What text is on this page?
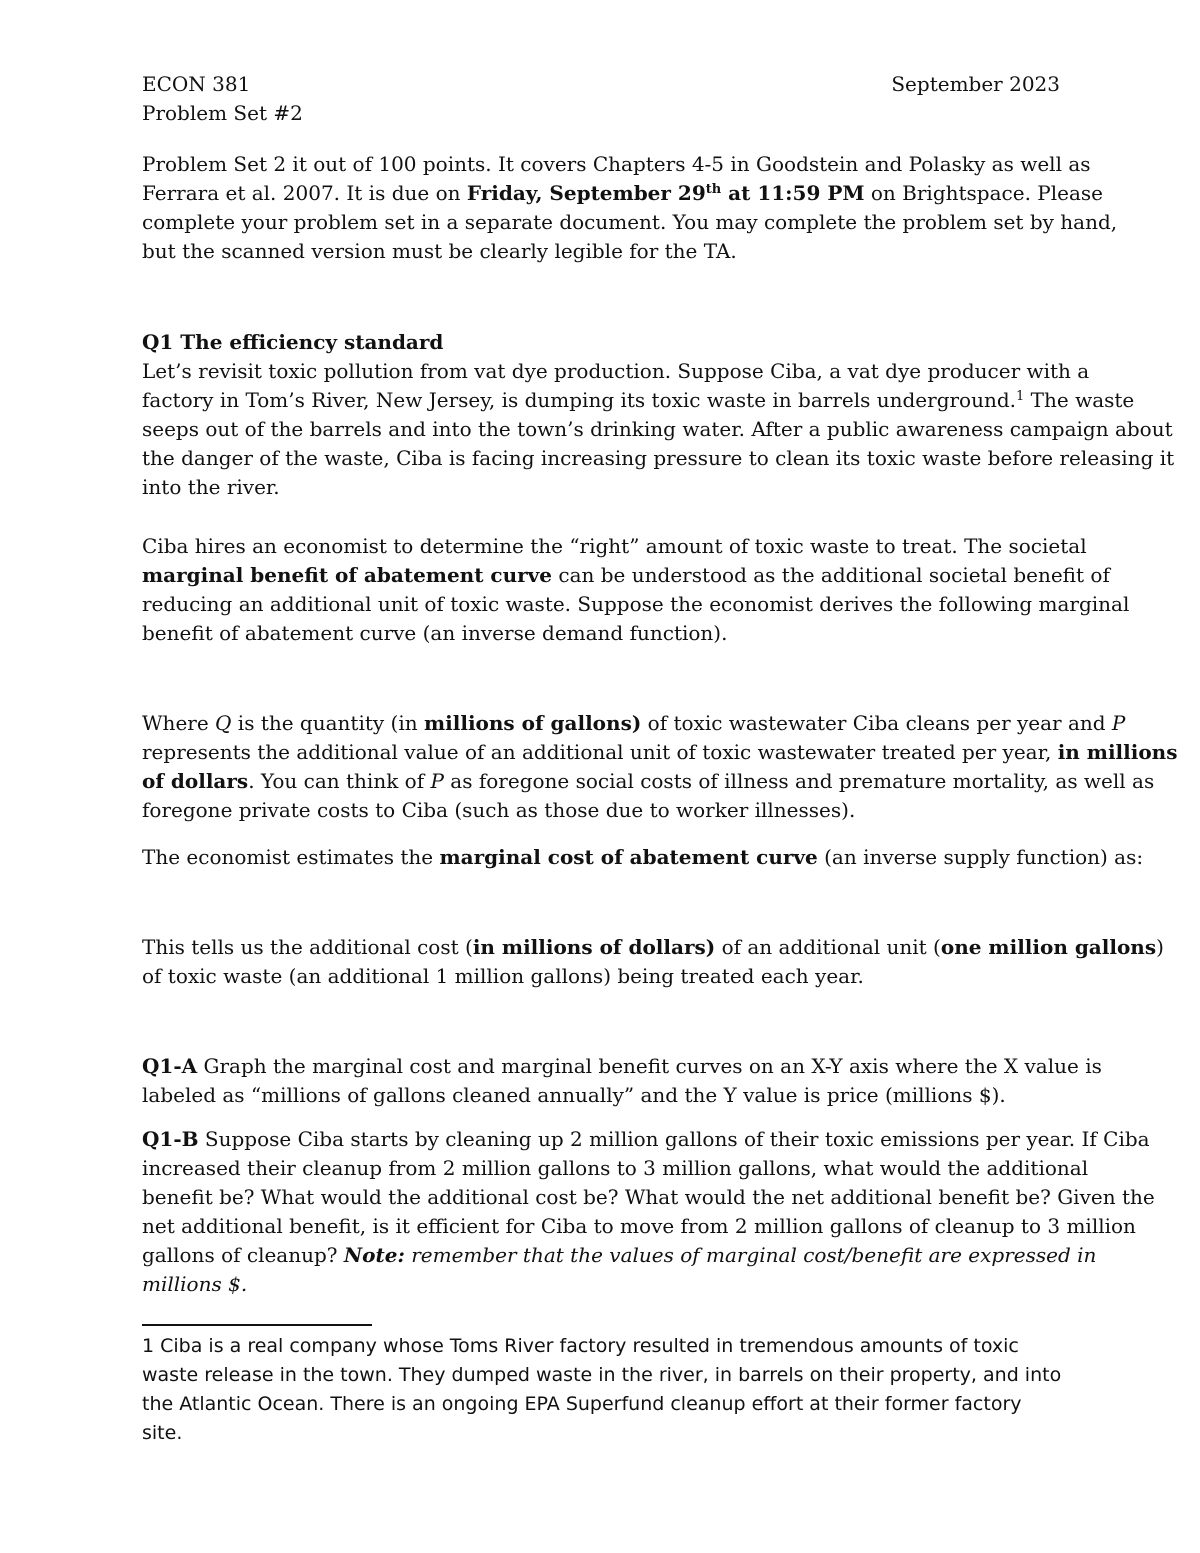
ECON 381	September 2023
Problem Set #2
Problem Set 2 it out of 100 points. It covers Chapters 4-5 in Goodstein and Polasky as well as
Ferrara et al. 2007. It is due on Friday, September 29th at 11:59 PM on Brightspace. Please
complete your problem set in a separate document. You may complete the problem set by hand,
but the scanned version must be clearly legible for the TA.
Q1 The efficiency standard
Let’s revisit toxic pollution from vat dye production. Suppose Ciba, a vat dye producer with a
factory in Tom’s River, New Jersey, is dumping its toxic waste in barrels underground.$^1$ The waste
seeps out of the barrels and into the town’s drinking water. After a public awareness campaign about
the danger of the waste, Ciba is facing increasing pressure to clean its toxic waste before releasing it
into the river.
Ciba hires an economist to determine the “right” amount of toxic waste to treat. The societal
marginal benefit of abatement curve can be understood as the additional societal benefit of
reducing an additional unit of toxic waste. Suppose the economist derives the following marginal
benefit of abatement curve (an inverse demand function).
Where Q is the quantity (in millions of gallons) of toxic wastewater Ciba cleans per year and P
represents the additional value of an additional unit of toxic wastewater treated per year, in millions
of dollars. You can think of P as foregone social costs of illness and premature mortality, as well as
foregone private costs to Ciba (such as those due to worker illnesses).
The economist estimates the marginal cost of abatement curve (an inverse supply function) as:
This tells us the additional cost (in millions of dollars) of an additional unit (one million gallons)
of toxic waste (an additional 1 million gallons) being treated each year.
Q1-A Graph the marginal cost and marginal benefit curves on an X-Y axis where the X value is
labeled as “millions of gallons cleaned annually” and the Y value is price (millions $).
Q1-B Suppose Ciba starts by cleaning up 2 million gallons of their toxic emissions per year. If Ciba
increased their cleanup from 2 million gallons to 3 million gallons, what would the additional
benefit be? What would the additional cost be? What would the net additional benefit be? Given the
net additional benefit, is it efficient for Ciba to move from 2 million gallons of cleanup to 3 million
gallons of cleanup? Note: remember that the values of marginal cost/benefit are expressed in
millions $.
1 Ciba is a real company whose Toms River factory resulted in tremendous amounts of toxic
waste release in the town. They dumped waste in the river, in barrels on their property, and into
the Atlantic Ocean. There is an ongoing EPA Superfund cleanup effort at their former factory
site.
